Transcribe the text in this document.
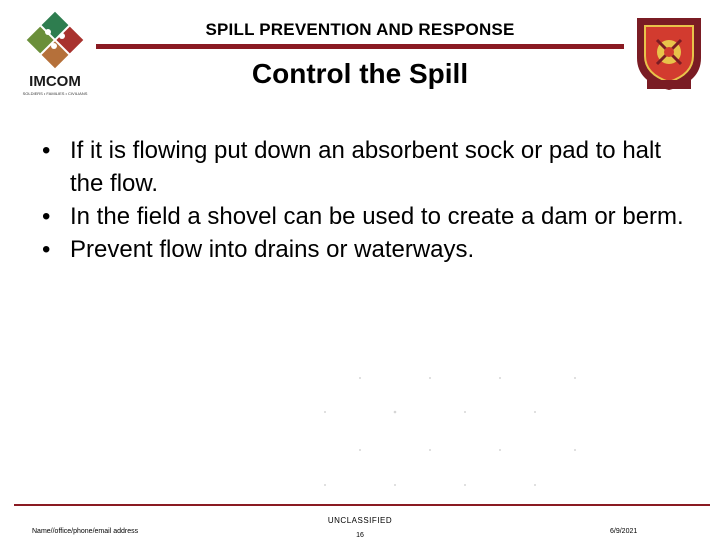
IMCOM
SOLDIERS • FAMILIES • CIVILIANS
SPILL PREVENTION AND RESPONSE
Control the Spill
• If it is flowing put down an absorbent sock or pad to halt the flow.
• In the field a shovel can be used to create a dam or berm.
• Prevent flow into drains or waterways.
UNCLASSIFIED
Name//office/phone/email address
16
6/9/2021
